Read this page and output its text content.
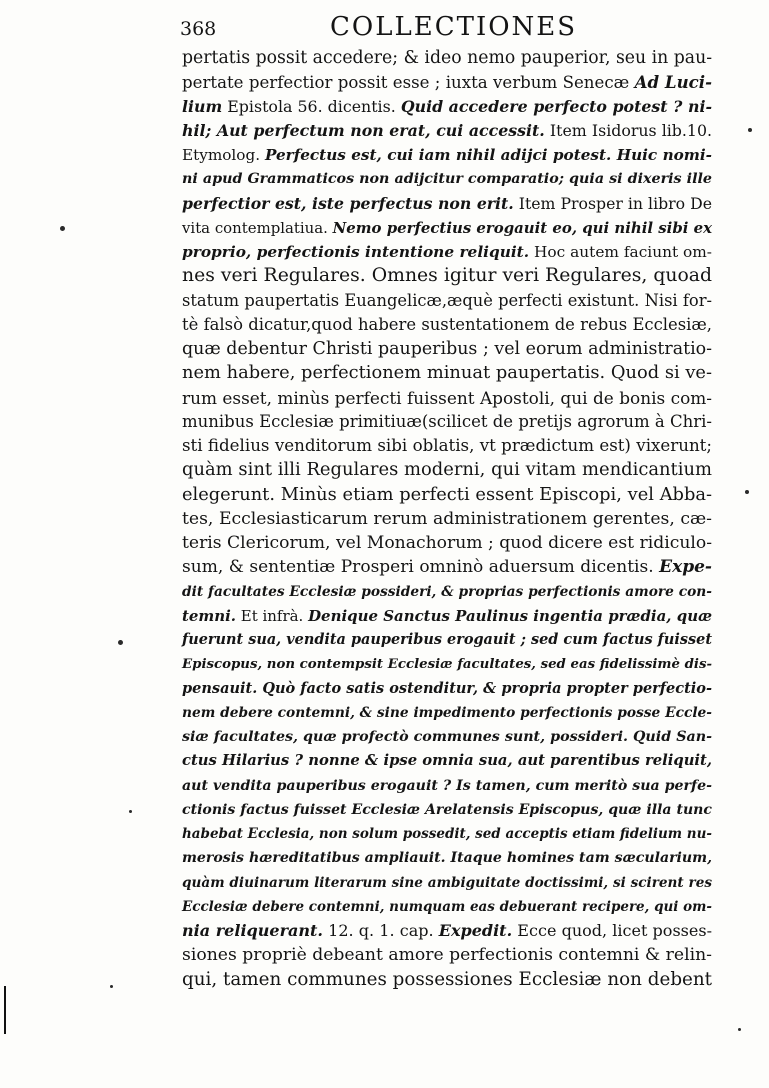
368	COLLECTIONES
pertatis possit accedere; & ideo nemo pauperior, seu in pau-
pertate perfectior possit esse ; iuxta verbum Senecæ Ad Luci-
lium Epistola 56. dicentis. Quid accedere perfecto potest ? ni-
hil; Aut perfectum non erat, cui accessit. Item Isidorus lib.10.
Etymolog. Perfectus est, cui iam nihil adijci potest. Huic nomi-
ni apud Grammaticos non adijcitur comparatio; quia si dixeris ille
perfectior est, iste perfectus non erit. Item Prosper in libro De
vita contemplatiua. Nemo perfectius erogauit eo, qui nihil sibi ex
proprio, perfectionis intentione reliquit. Hoc autem faciunt om-
nes veri Regulares. Omnes igitur veri Regulares, quoad
statum paupertatis Euangelicæ,æquè perfecti existunt. Nisi for-
tè falsò dicatur,quod habere sustentationem de rebus Ecclesiæ,
quæ debentur Christi pauperibus ; vel eorum administratio-
nem habere, perfectionem minuat paupertatis. Quod si ve-
rum esset, minùs perfecti fuissent Apostoli, qui de bonis com-
munibus Ecclesiæ primitiuæ(scilicet de pretijs agrorum à Chri-
sti fidelius venditorum sibi oblatis, vt prædictum est) vixerunt;
quàm sint illi Regulares moderni, qui vitam mendicantium
elegerunt. Minùs etiam perfecti essent Episcopi, vel Abba-
tes, Ecclesiasticarum rerum administrationem gerentes, cæ-
teris Clericorum, vel Monachorum ; quod dicere est ridiculo-
sum, & sententiæ Prosperi omninò aduersum dicentis. Expe-
dit facultates Ecclesiæ possideri, & proprias perfectionis amore con-
temni. Et infrà. Denique Sanctus Paulinus ingentia prædia, quæ
fuerunt sua, vendita pauperibus erogauit ; sed cum factus fuisset
Episcopus, non contempsit Ecclesiæ facultates, sed eas fidelissimè dis-
pensauit. Quò facto satis ostenditur, & propria propter perfectio-
nem debere contemni, & sine impedimento perfectionis posse Eccle-
siæ facultates, quæ profectò communes sunt, possideri. Quid San-
ctus Hilarius ? nonne & ipse omnia sua, aut parentibus reliquit,
aut vendita pauperibus erogauit ? Is tamen, cum meritò sua perfe-
ctionis factus fuisset Ecclesiæ Arelatensis Episcopus, quæ illa tunc
habebat Ecclesia, non solum possedit, sed acceptis etiam fidelium nu-
merosis hæreditatibus ampliauit. Itaque homines tam sæcularium,
quàm diuinarum literarum sine ambiguitate doctissimi, si scirent res
Ecclesiæ debere contemni, numquam eas debuerant recipere, qui om-
nia reliquerant. 12. q. 1. cap. Expedit. Ecce quod, licet posses-
siones propriè debeant amore perfectionis contemni & relin-
qui, tamen communes possessiones Ecclesiæ non debent
